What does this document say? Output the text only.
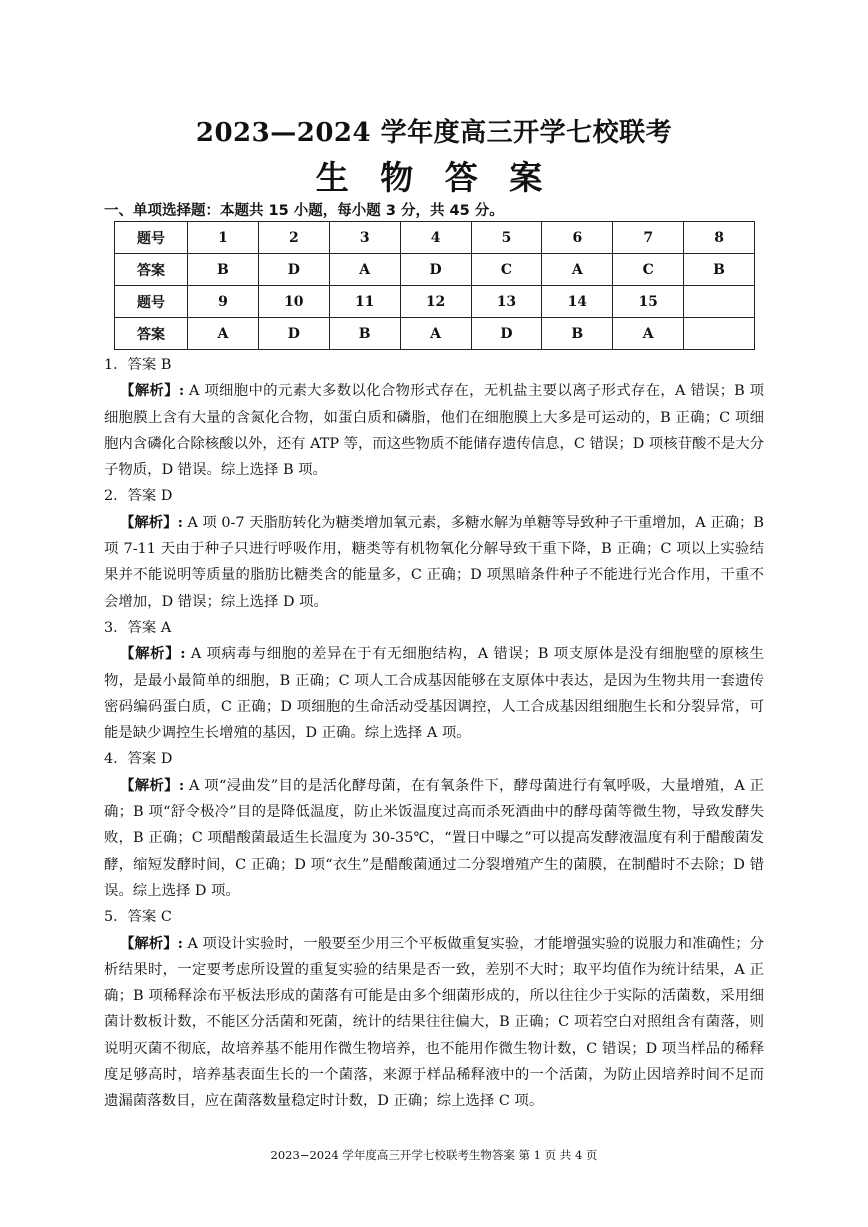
2023—2024 学年度高三开学七校联考
生 物 答 案
一、单项选择题：本题共 15 小题，每小题 3 分，共 45 分。
题号	1	2	3	4	5	6	7	8
答案	B	D	A	D	C	A	C	B
题号	9	10	11	12	13	14	15	
答案	A	D	B	A	D	B	A	

1．答案 B

【解析】: A 项细胞中的元素大多数以化合物形式存在，无机盐主要以离子形式存在，A 错误；B 项细胞膜上含有大量的含氮化合物，如蛋白质和磷脂，他们在细胞膜上大多是可运动的，B 正确；C 项细胞内含磷化合除核酸以外，还有 ATP 等，而这些物质不能储存遗传信息，C 错误；D 项核苷酸不是大分子物质，D 错误。综上选择 B 项。

2．答案 D

【解析】: A 项 0-7 天脂肪转化为糖类增加氧元素，多糖水解为单糖等导致种子干重增加，A 正确；B 项 7-11 天由于种子只进行呼吸作用，糖类等有机物氧化分解导致干重下降，B 正确；C 项以上实验结果并不能说明等质量的脂肪比糖类含的能量多，C 正确；D 项黑暗条件种子不能进行光合作用，干重不会增加，D 错误；综上选择 D 项。

3．答案 A

【解析】: A 项病毒与细胞的差异在于有无细胞结构，A 错误；B 项支原体是没有细胞壁的原核生物，是最小最简单的细胞，B 正确；C 项人工合成基因能够在支原体中表达，是因为生物共用一套遗传密码编码蛋白质，C 正确；D 项细胞的生命活动受基因调控，人工合成基因组细胞生长和分裂异常，可能是缺少调控生长增殖的基因，D 正确。综上选择 A 项。

4．答案 D

【解析】: A 项“浸曲发”目的是活化酵母菌，在有氧条件下，酵母菌进行有氧呼吸，大量增殖，A 正确；B 项“舒令极冷”目的是降低温度，防止米饭温度过高而杀死酒曲中的酵母菌等微生物，导致发酵失败，B 正确；C 项醋酸菌最适生长温度为 30-35℃，“置日中曝之”可以提高发酵液温度有利于醋酸菌发酵，缩短发酵时间，C 正确；D 项“衣生”是醋酸菌通过二分裂增殖产生的菌膜，在制醋时不去除；D 错误。综上选择 D 项。

5．答案 C

【解析】: A 项设计实验时，一般要至少用三个平板做重复实验，才能增强实验的说服力和准确性；分析结果时，一定要考虑所设置的重复实验的结果是否一致，差别不大时；取平均值作为统计结果，A 正确；B 项稀释涂布平板法形成的菌落有可能是由多个细菌形成的，所以往往少于实际的活菌数，采用细菌计数板计数，不能区分活菌和死菌，统计的结果往往偏大，B 正确；C 项若空白对照组含有菌落，则说明灭菌不彻底，故培养基不能用作微生物培养，也不能用作微生物计数，C 错误；D 项当样品的稀释度足够高时，培养基表面生长的一个菌落，来源于样品稀释液中的一个活菌，为防止因培养时间不足而遗漏菌落数目，应在菌落数量稳定时计数，D 正确；综上选择 C 项。

2023−2024 学年度高三开学七校联考生物答案 第 1 页 共 4 页
